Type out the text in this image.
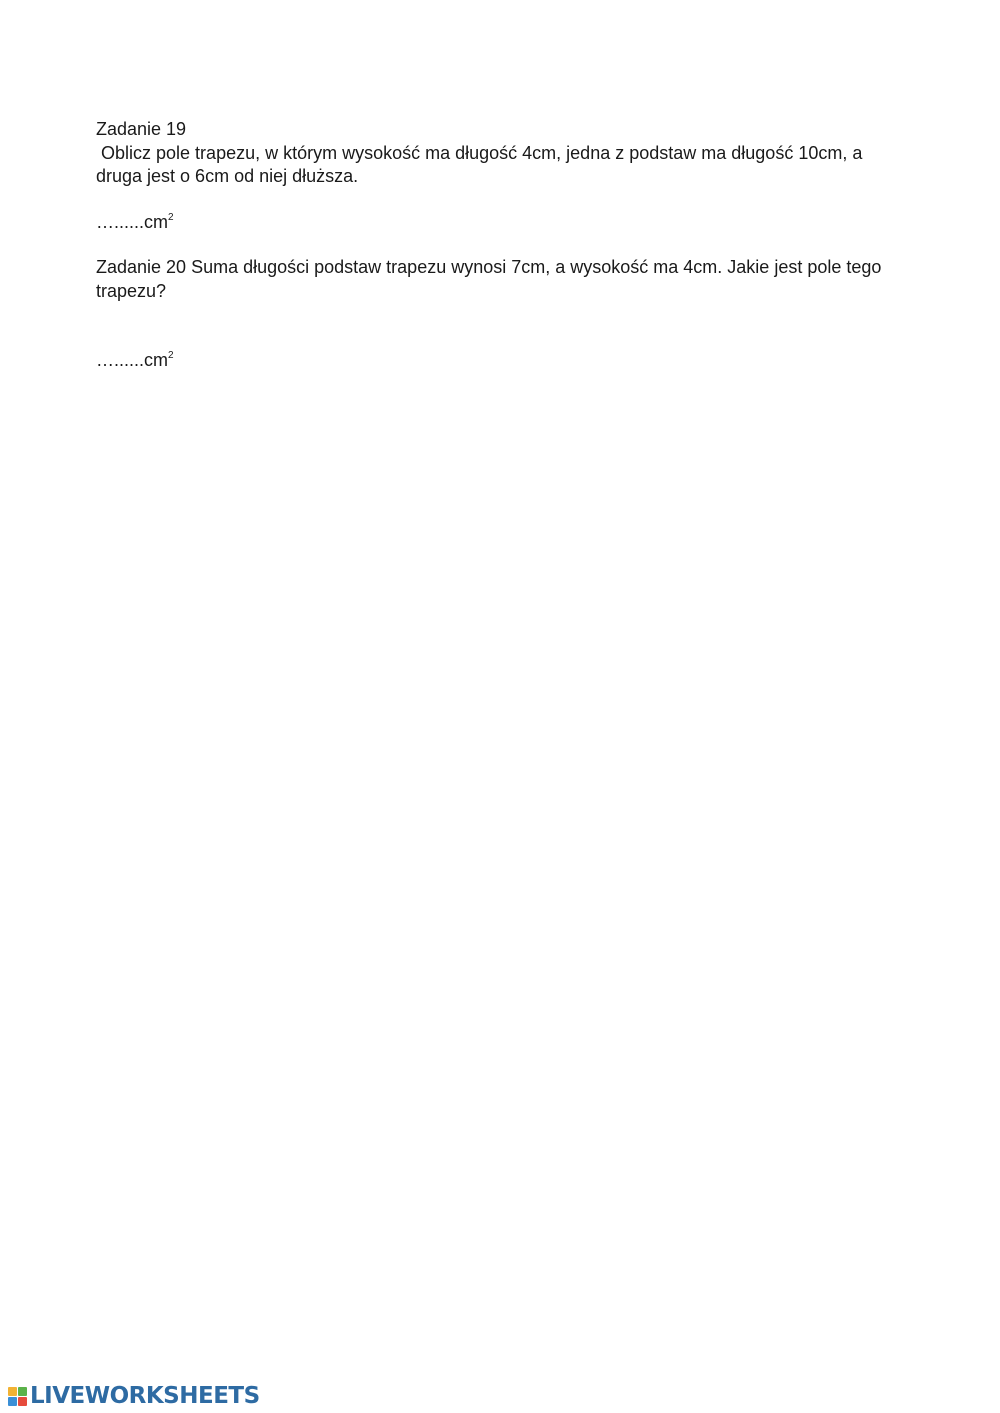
Zadanie 19

Oblicz pole trapezu, w którym wysokość ma długość 4cm, jedna z podstaw ma długość 10cm, a druga jest o 6cm od niej dłuższa.

$\dots......cm^2$

Zadanie 20 Suma długości podstaw trapezu wynosi 7cm, a wysokość ma 4cm. Jakie jest pole tego trapezu?

$\dots......cm^2$

LIVEWORKSHEETS
